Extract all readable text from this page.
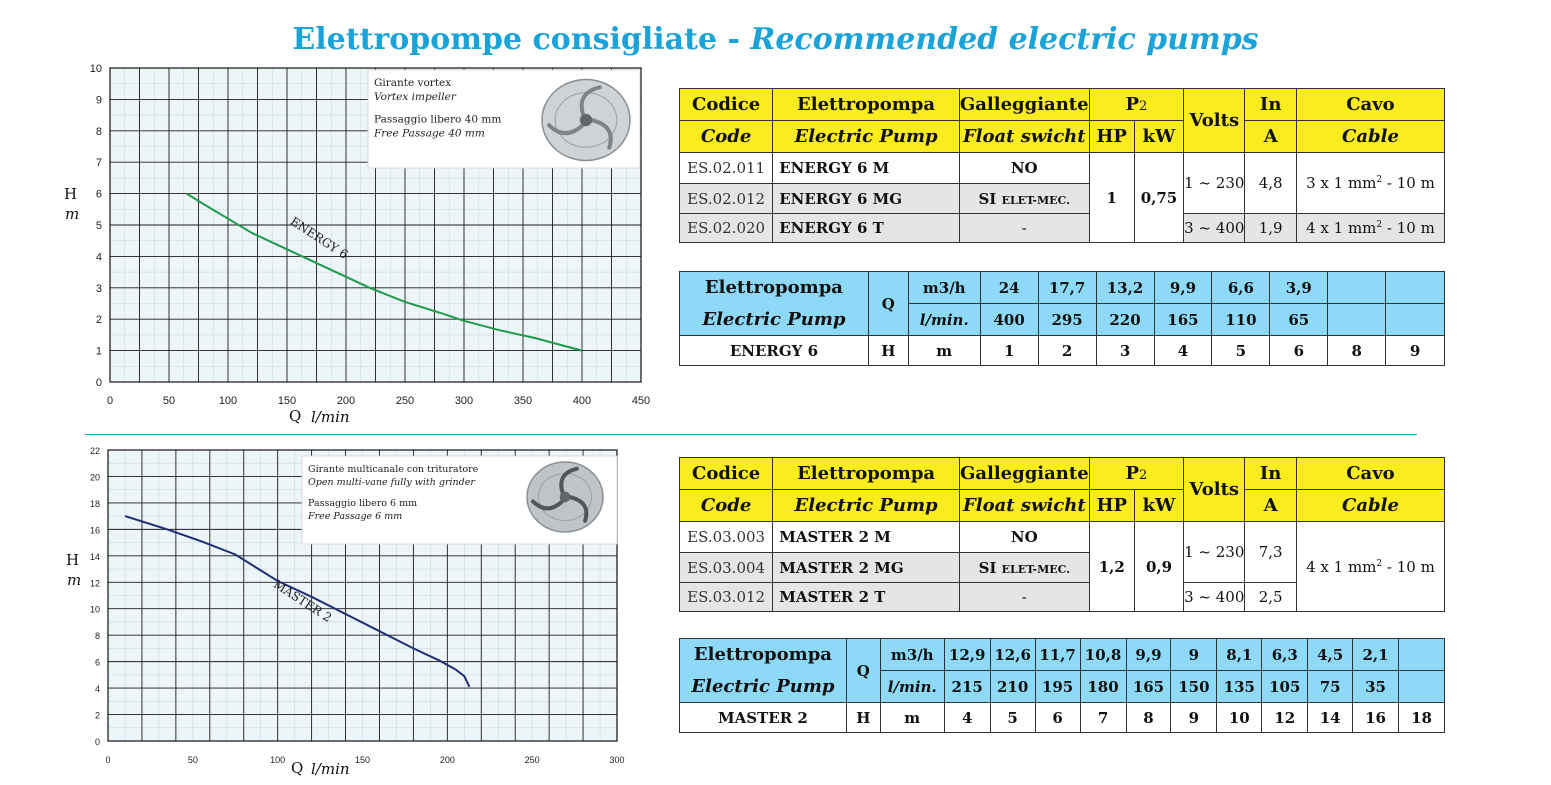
Elettropompe consigliate - Recommended electric pumps
0	50	100	150	200	250	300	350	400	450
0
1
2
3
4
5
6
7
8
9
10
ENERGY 6
Girante vortex
Vortex impeller
Passaggio libero 40 mm
Free Passage 40 mm
H
m
Q l/min
0	50	100	150	200	250	300
0
2
4
6
8
10
12
14
16
18
20
22
MASTER 2
Girante multicanale con trituratore
Open multi-vane fully with grinder
Passaggio libero 6 mm
Free Passage 6 mm
H
m
Q l/min
Codice	Elettropompa	Galleggiante	P2		Volts	In	Cavo
Code	Electric Pump	Float swicht	HP	kW		A	Cable
ES.02.011	ENERGY 6 M	NO	1	0,75	1 ~ 230	4,8	3 x 1 $mm^2 - 10$ m
ES.02.012	ENERGY 6 MG	SI ELET-MEC.					
ES.02.020	ENERGY 6 T	-			3 ~ 400	1,9	4 x 1 $mm^2 - 10$ m
Elettropompa	Q	m3/h	24	17,7	13,2	9,9	6,6	3,9		
Electric Pump		l/min.	400	295	220	165	110	65		
ENERGY 6	H	m	1	2	3	4	5	6	8	9
Codice	Elettropompa	Galleggiante	P2		Volts	In	Cavo
Code	Electric Pump	Float swicht	HP	kW		A	Cable
ES.03.003	MASTER 2 M	NO	1,2	0,9	1 ~ 230	7,3	4 x 1 $mm^2 - 10$ m
ES.03.004	MASTER 2 MG	SI ELET-MEC.					
ES.03.012	MASTER 2 T	-			3 ~ 400	2,5	
Elettropompa	Q	m3/h	12,9	12,6	11,7	10,8	9,9	9	8,1	6,3	4,5	2,1	
Electric Pump		l/min.	215	210	195	180	165	150	135	105	75	35	
MASTER 2	H	m	4	5	6	7	8	9	10	12	14	16	18
